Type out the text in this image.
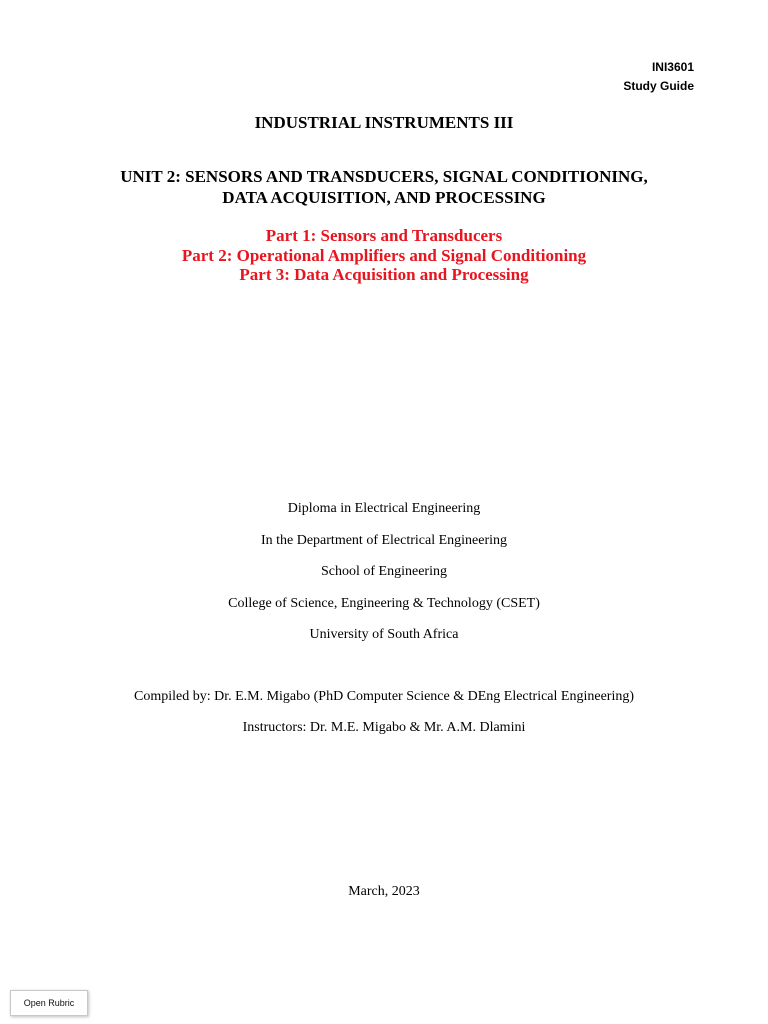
INI3601
Study Guide
INDUSTRIAL INSTRUMENTS III
UNIT 2: SENSORS AND TRANSDUCERS, SIGNAL CONDITIONING,
DATA ACQUISITION, AND PROCESSING
Part 1: Sensors and Transducers
Part 2: Operational Amplifiers and Signal Conditioning
Part 3: Data Acquisition and Processing
Diploma in Electrical Engineering
In the Department of Electrical Engineering
School of Engineering
College of Science, Engineering & Technology (CSET)
University of South Africa
Compiled by: Dr. E.M. Migabo (PhD Computer Science & DEng Electrical Engineering)
Instructors: Dr. M.E. Migabo & Mr. A.M. Dlamini
March, 2023
Open Rubric
